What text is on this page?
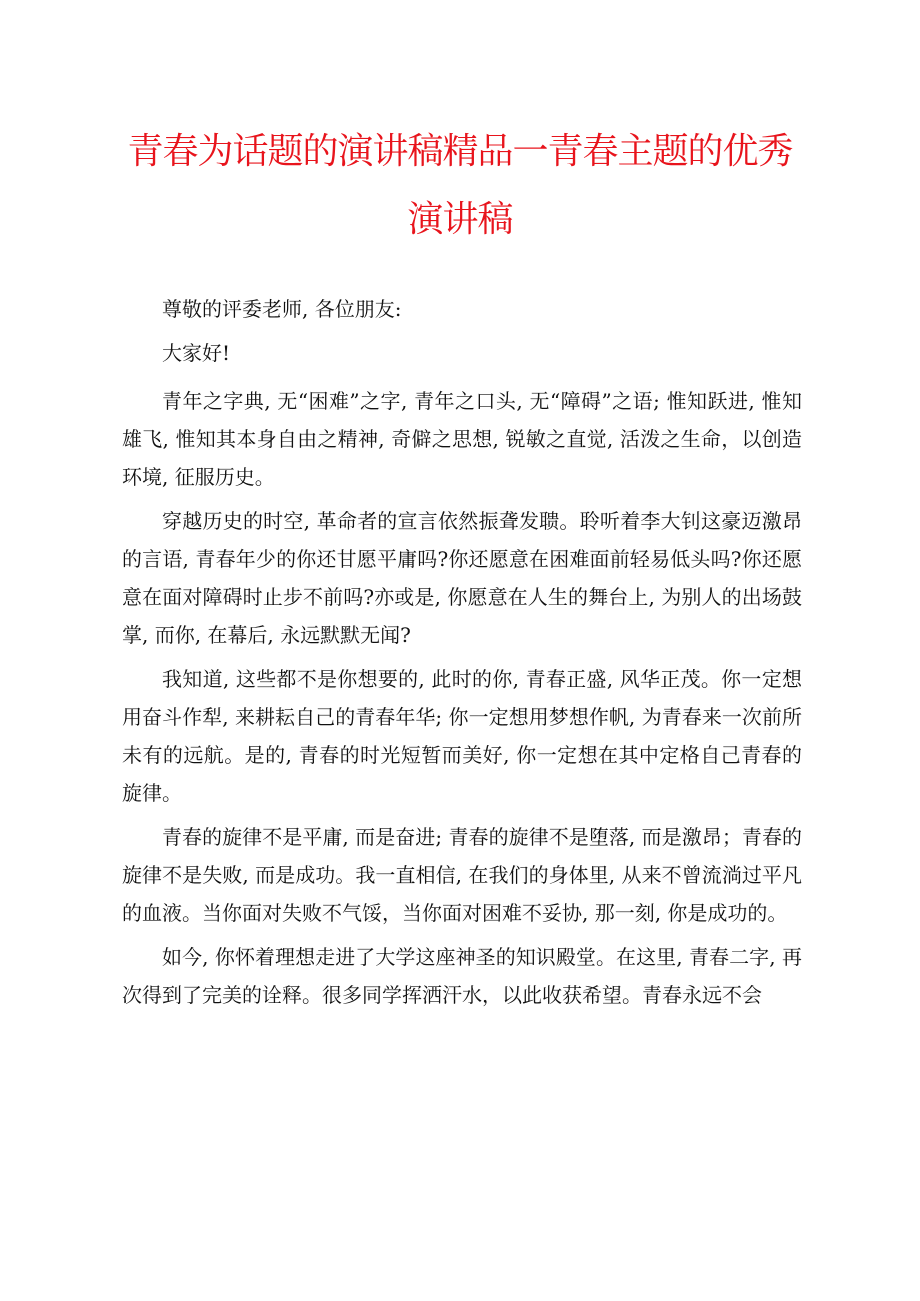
青春为话题的演讲稿精品一青春主题的优秀
演讲稿

尊敬的评委老师, 各位朋友:

大家好!

青年之字典, 无“困难”之字, 青年之口头, 无“障碍”之语; 惟知跃进, 惟知雄飞, 惟知其本身自由之精神, 奇僻之思想, 锐敏之直觉, 活泼之生命，以创造环境, 征服历史。

穿越历史的时空, 革命者的宣言依然振聋发聩。聆听着李大钊这豪迈激昂的言语, 青春年少的你还甘愿平庸吗?你还愿意在困难面前轻易低头吗?你还愿意在面对障碍时止步不前吗?亦或是, 你愿意在人生的舞台上, 为别人的出场鼓掌, 而你, 在幕后, 永远默默无闻?

我知道, 这些都不是你想要的, 此时的你, 青春正盛, 风华正茂。你一定想用奋斗作犁, 来耕耘自己的青春年华; 你一定想用梦想作帆, 为青春来一次前所未有的远航。是的, 青春的时光短暂而美好, 你一定想在其中定格自己青春的旋律。

青春的旋律不是平庸, 而是奋进; 青春的旋律不是堕落, 而是激昂；青春的旋律不是失败, 而是成功。我一直相信, 在我们的身体里, 从来不曾流淌过平凡的血液。当你面对失败不气馁，当你面对困难不妥协, 那一刻, 你是成功的。

如今, 你怀着理想走进了大学这座神圣的知识殿堂。在这里, 青春二字, 再次得到了完美的诠释。很多同学挥洒汗水，以此收获希望。青春永远不会
